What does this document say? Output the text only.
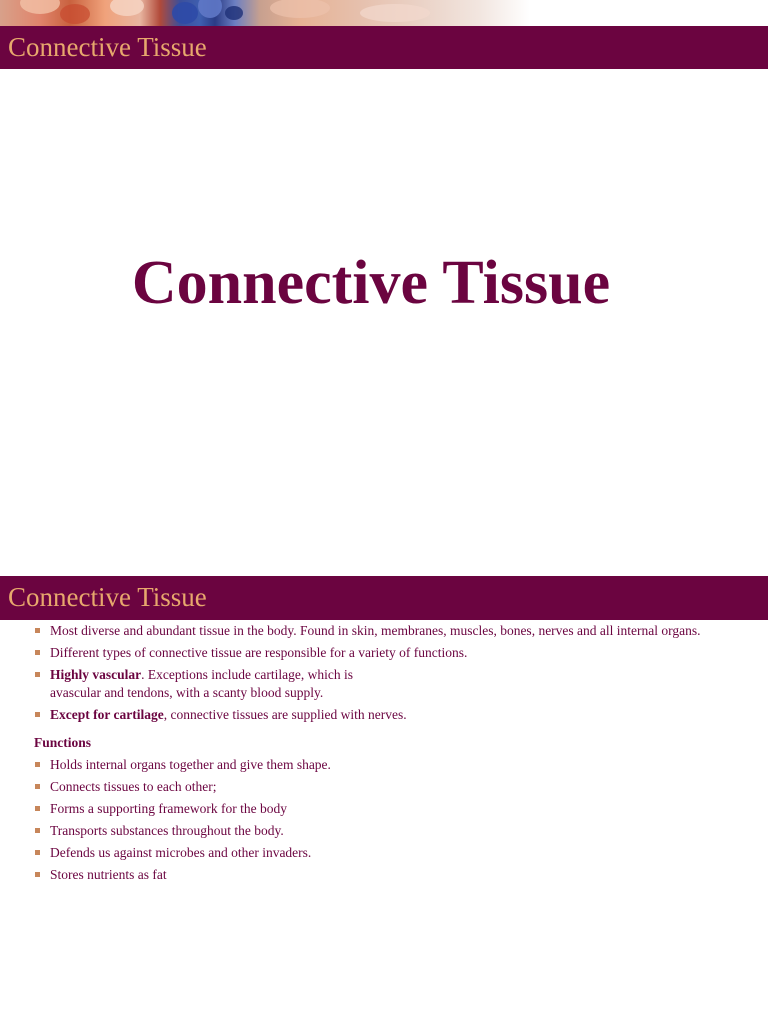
Connective Tissue
Connective Tissue
Connective Tissue
Most diverse and abundant tissue in the body. Found in skin, membranes, muscles, bones, nerves and all internal organs.
Different types of connective tissue are responsible for a variety of functions.
Highly vascular. Exceptions include cartilage, which is avascular and tendons, with a scanty blood supply.
Except for cartilage, connective tissues are supplied with nerves.
Functions
Holds internal organs together and give them shape.
Connects tissues to each other;
Forms a supporting framework for the body
Transports substances throughout the body.
Defends us against microbes and other invaders.
Stores nutrients as fat
